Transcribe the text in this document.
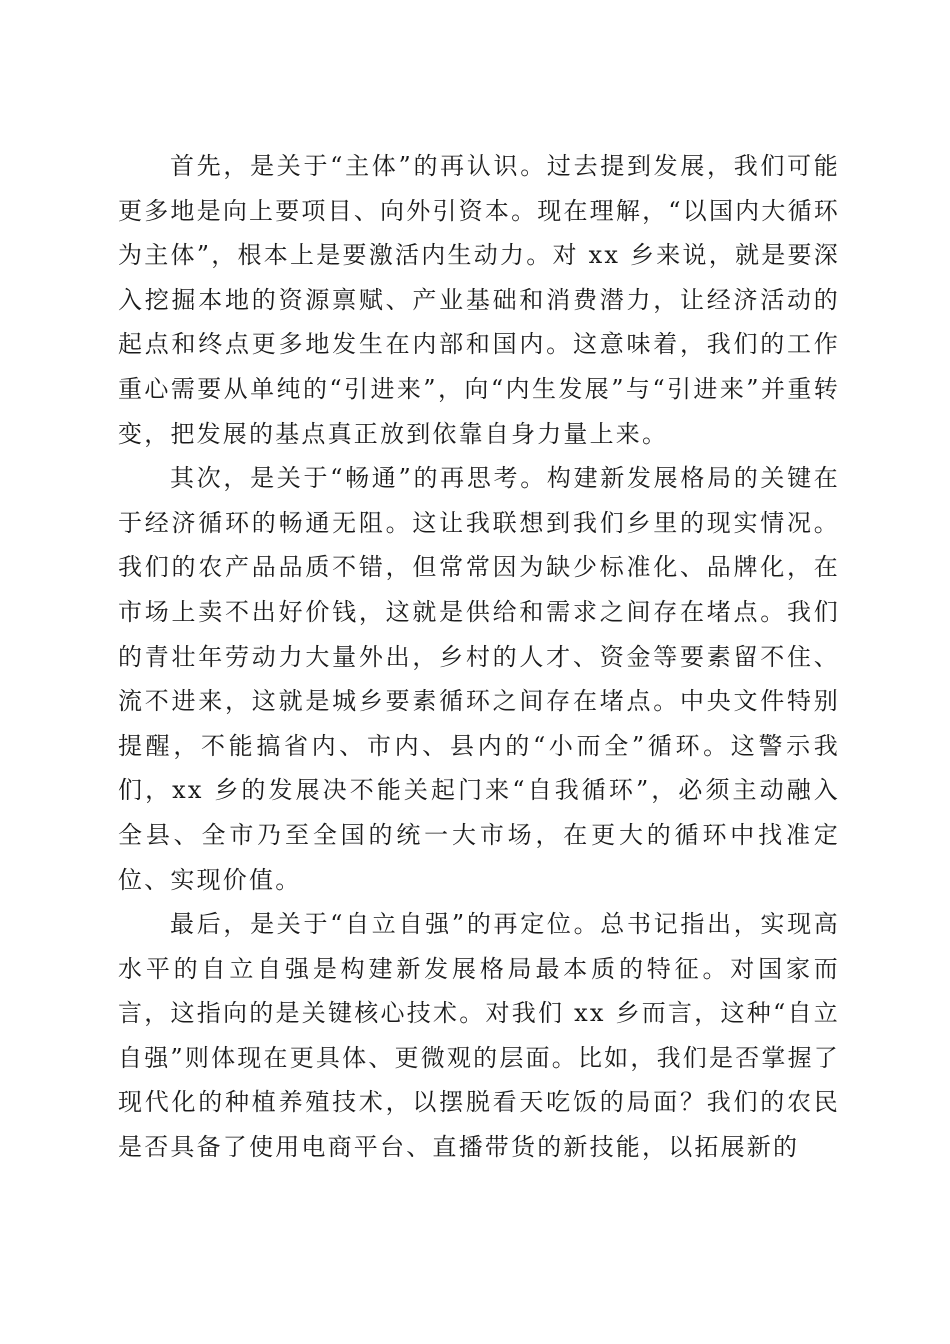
首先，是关于“主体”的再认识。过去提到发展，我们可能更多地是向上要项目、向外引资本。现在理解，“以国内大循环为主体”，根本上是要激活内生动力。对 xx 乡来说，就是要深入挖掘本地的资源禀赋、产业基础和消费潜力，让经济活动的起点和终点更多地发生在内部和国内。这意味着，我们的工作重心需要从单纯的“引进来”，向“内生发展”与“引进来”并重转变，把发展的基点真正放到依靠自身力量上来。

其次，是关于“畅通”的再思考。构建新发展格局的关键在于经济循环的畅通无阻。这让我联想到我们乡里的现实情况。我们的农产品品质不错，但常常因为缺少标准化、品牌化，在市场上卖不出好价钱，这就是供给和需求之间存在堵点。我们的青壮年劳动力大量外出，乡村的人才、资金等要素留不住、流不进来，这就是城乡要素循环之间存在堵点。中央文件特别提醒，不能搞省内、市内、县内的“小而全”循环。这警示我们，xx 乡的发展决不能关起门来“自我循环”，必须主动融入全县、全市乃至全国的统一大市场，在更大的循环中找准定位、实现价值。

最后，是关于“自立自强”的再定位。总书记指出，实现高水平的自立自强是构建新发展格局最本质的特征。对国家而言，这指向的是关键核心技术。对我们 xx 乡而言，这种“自立自强”则体现在更具体、更微观的层面。比如，我们是否掌握了现代化的种植养殖技术，以摆脱看天吃饭的局面？我们的农民是否具备了使用电商平台、直播带货的新技能，以拓展新的
